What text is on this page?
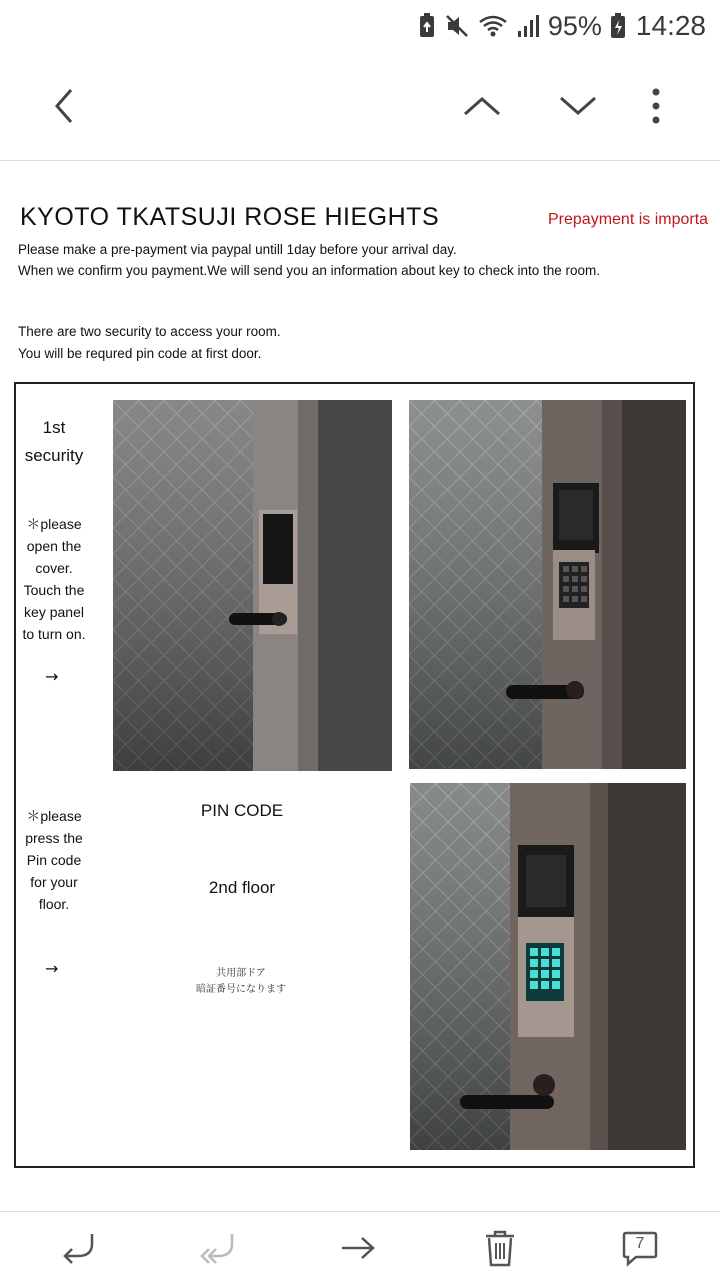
95% 14:28
KYOTO TKATSUJI ROSE HIEGHTS	Prepayment is importa
Please make a pre-payment via paypal untill 1day before your arrival day.
When we confirm you payment.We will send you an information about key to check into the room.
There are two security to access your room.
You will be requred pin code at first door.
1st
security
＊please
open the
cover.
Touch the
key panel
to turn on.
→
＊please
press the
Pin code
for your
floor.
→
PIN CODE
2nd floor
共用部ドア
暗証番号になります
7
